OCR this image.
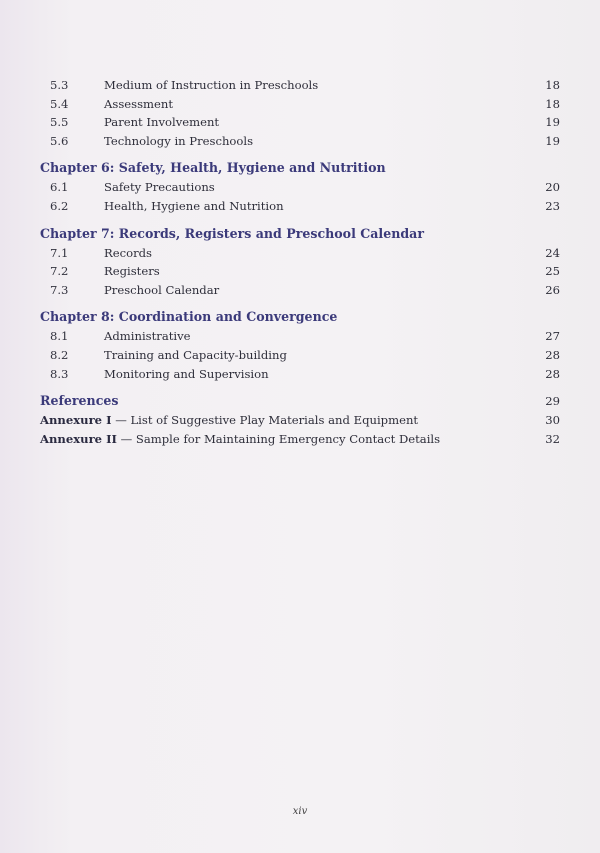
5.3	Medium of Instruction in Preschools	18
5.4	Assessment	18
5.5	Parent Involvement	19
5.6	Technology in Preschools	19
Chapter 6: Safety, Health, Hygiene and Nutrition
6.1	Safety Precautions	20
6.2	Health, Hygiene and Nutrition	23
Chapter 7: Records, Registers and Preschool Calendar
7.1	Records	24
7.2	Registers	25
7.3	Preschool Calendar	26
Chapter 8: Coordination and Convergence
8.1	Administrative	27
8.2	Training and Capacity-building	28
8.3	Monitoring and Supervision	28
References	29
Annexure I — List of Suggestive Play Materials and Equipment	30
Annexure II — Sample for Maintaining Emergency Contact Details	32
xiv
